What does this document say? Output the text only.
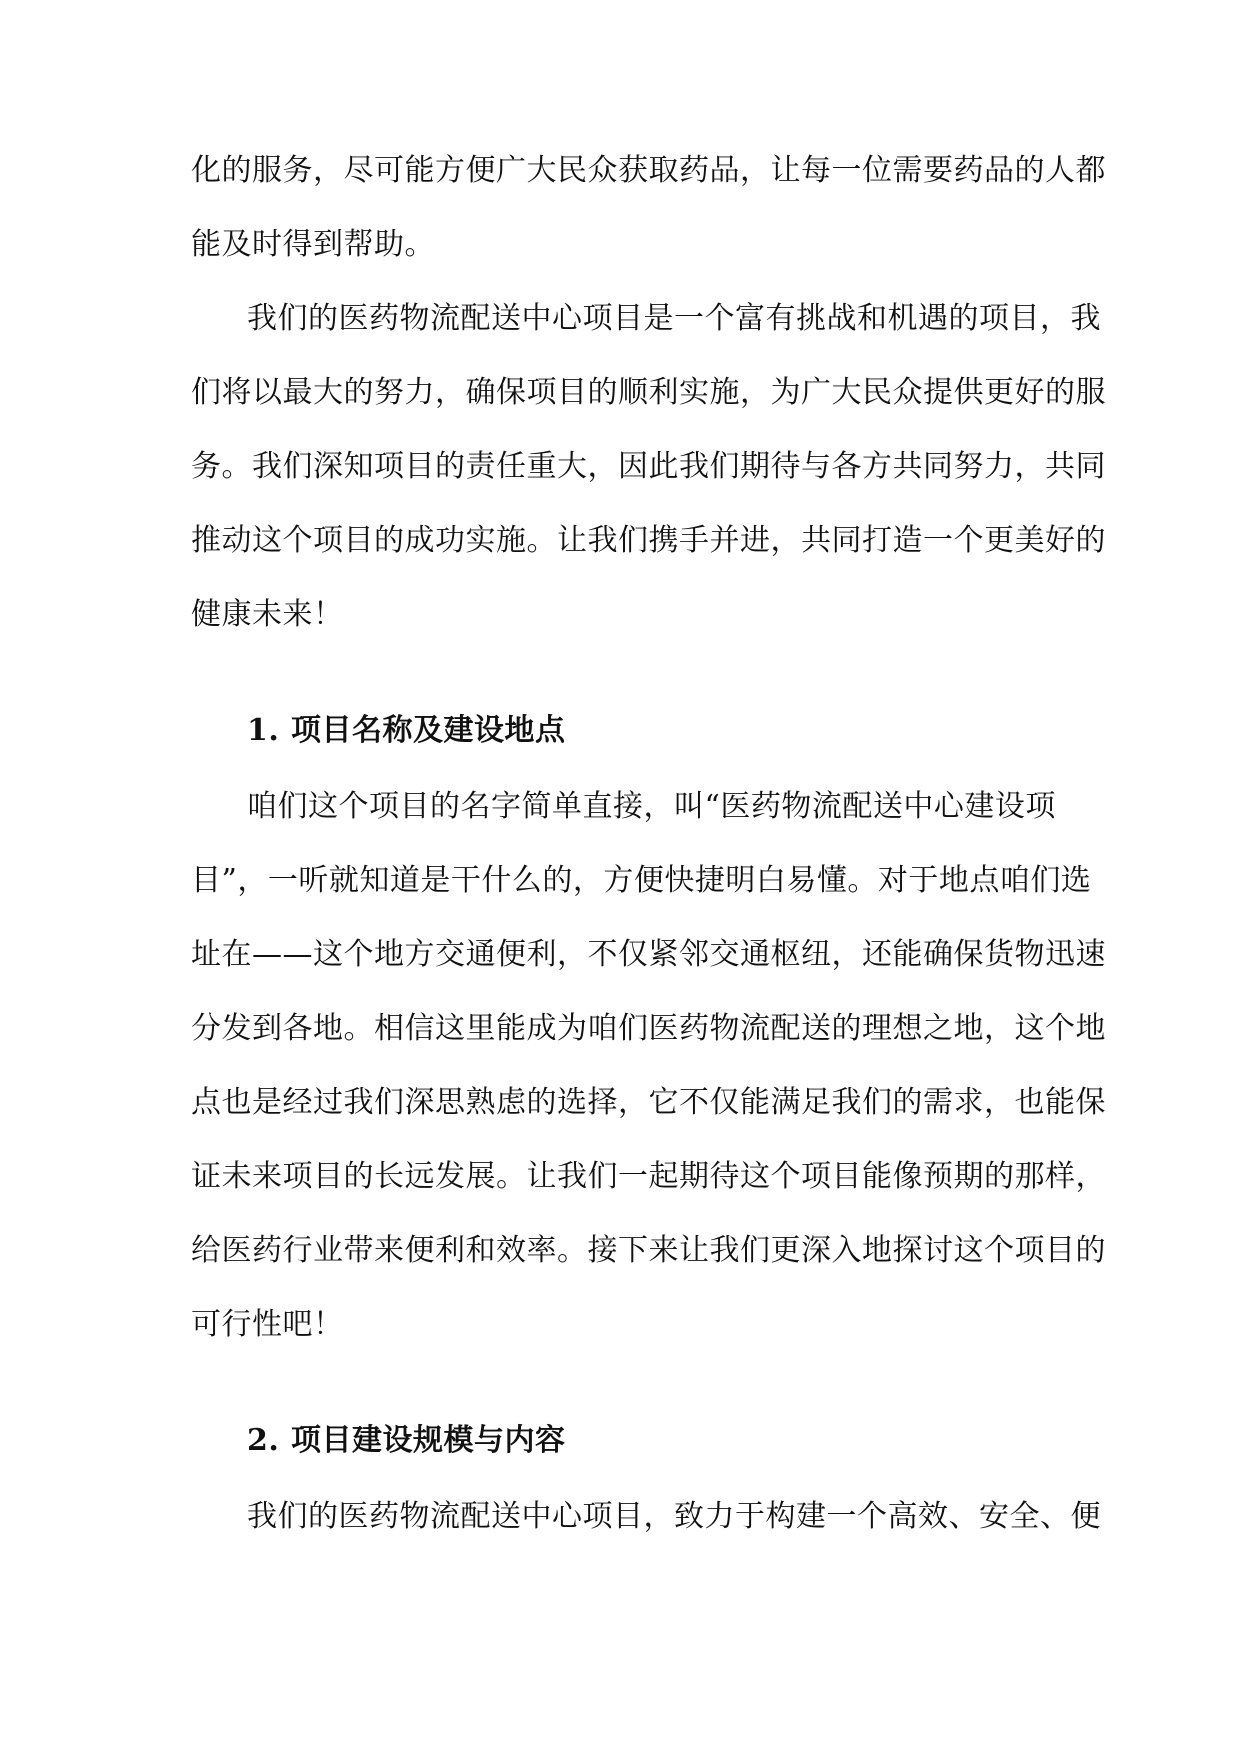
化的服务，尽可能方便广大民众获取药品，让每一位需要药品的人都
能及时得到帮助。
我们的医药物流配送中心项目是一个富有挑战和机遇的项目，我
们将以最大的努力，确保项目的顺利实施，为广大民众提供更好的服
务。我们深知项目的责任重大，因此我们期待与各方共同努力，共同
推动这个项目的成功实施。让我们携手并进，共同打造一个更美好的
健康未来！
1. 项目名称及建设地点
咱们这个项目的名字简单直接，叫“医药物流配送中心建设项
目”，一听就知道是干什么的，方便快捷明白易懂。对于地点咱们选
址在——这个地方交通便利，不仅紧邻交通枢纽，还能确保货物迅速
分发到各地。相信这里能成为咱们医药物流配送的理想之地，这个地
点也是经过我们深思熟虑的选择，它不仅能满足我们的需求，也能保
证未来项目的长远发展。让我们一起期待这个项目能像预期的那样，
给医药行业带来便利和效率。接下来让我们更深入地探讨这个项目的
可行性吧！
2. 项目建设规模与内容
我们的医药物流配送中心项目，致力于构建一个高效、安全、便
